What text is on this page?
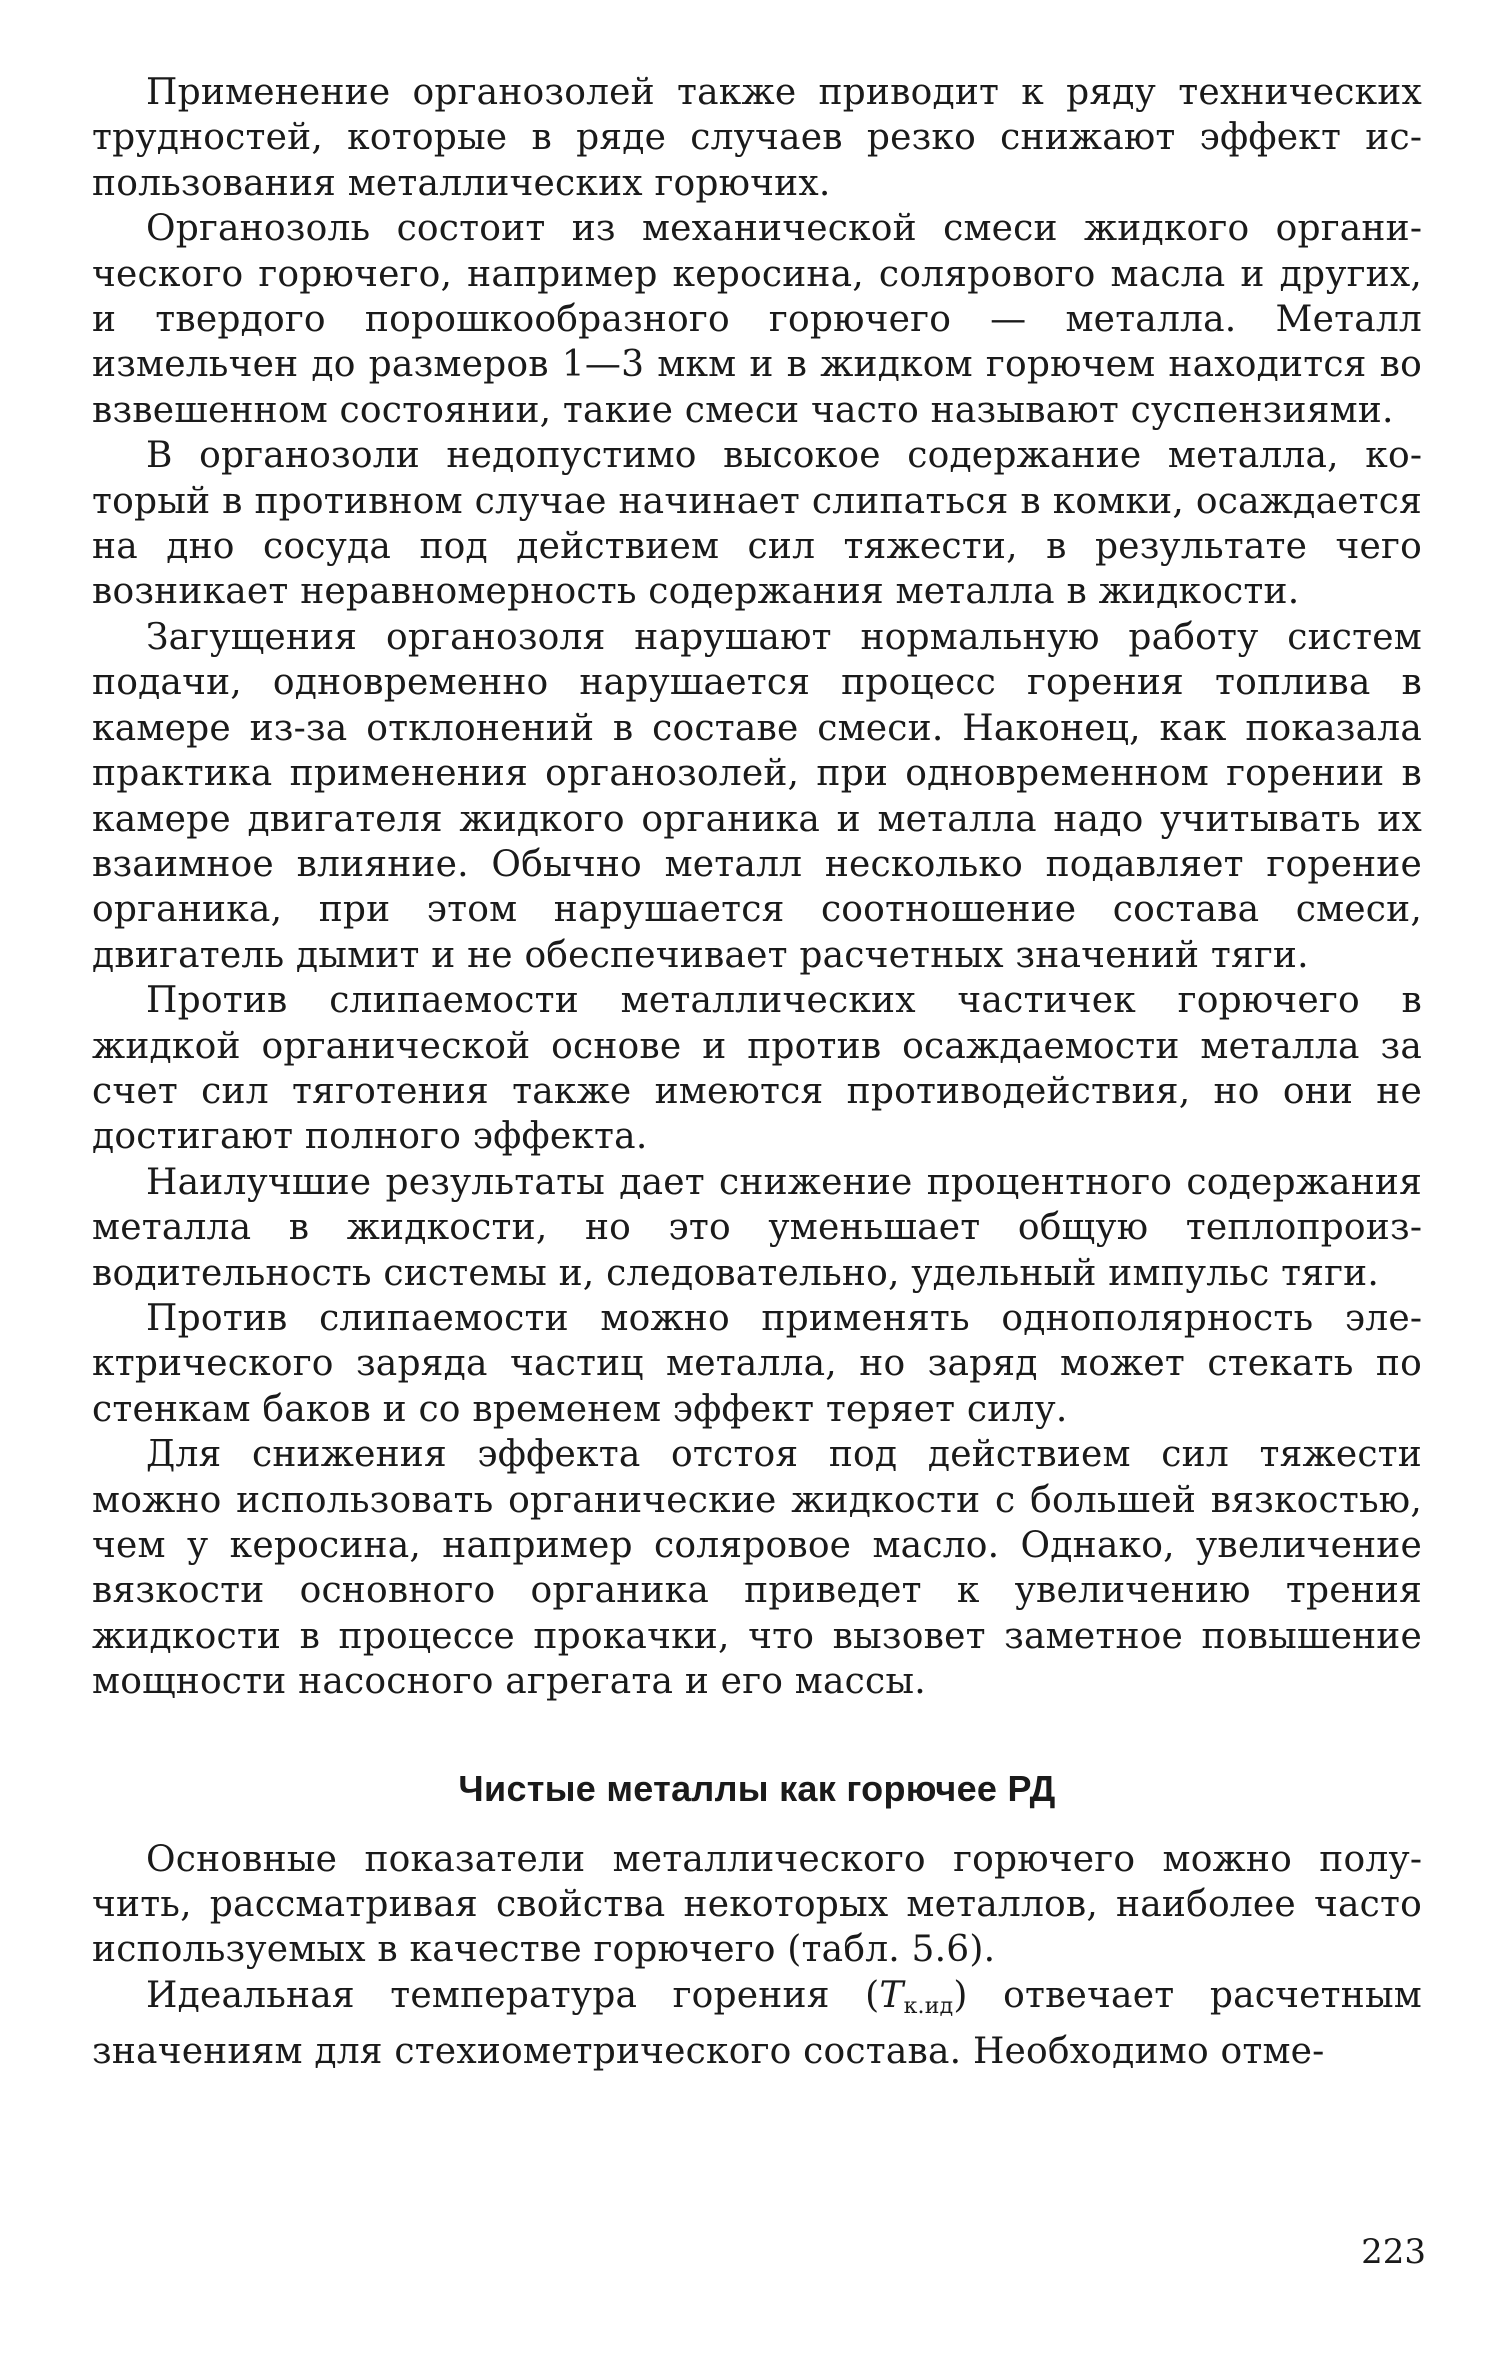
Применение органозолей также приводит к ряду технических трудностей, которые в ряде случаев резко снижают эффект использования металлических горючих.

Органозоль состоит из механической смеси жидкого органического горючего, например керосина, солярового масла и других, и твердого порошкообразного горючего — металла. Металл измельчен до размеров 1—3 мкм и в жидком горючем находится во взвешенном состоянии, такие смеси часто называют суспензиями.

В органозоли недопустимо высокое содержание металла, который в противном случае начинает слипаться в комки, осаждается на дно сосуда под действием сил тяжести, в результате чего возникает неравномерность содержания металла в жидкости.

Загущения органозоля нарушают нормальную работу систем подачи, одновременно нарушается процесс горения топлива в камере из-за отклонений в составе смеси. Наконец, как показала практика применения органозолей, при одновременном горении в камере двигателя жидкого органика и металла надо учитывать их взаимное влияние. Обычно металл несколько подавляет горение органика, при этом нарушается соотношение состава смеси, двигатель дымит и не обеспечивает расчетных значений тяги.

Против слипаемости металлических частичек горючего в жидкой органической основе и против осаждаемости металла за счет сил тяготения также имеются противодействия, но они не достигают полного эффекта.

Наилучшие результаты дает снижение процентного содержания металла в жидкости, но это уменьшает общую теплопроизводительность системы и, следовательно, удельный импульс тяги.

Против слипаемости можно применять однополярность электрического заряда частиц металла, но заряд может стекать по стенкам баков и со временем эффект теряет силу.

Для снижения эффекта отстоя под действием сил тяжести можно использовать органические жидкости с большей вязкостью, чем у керосина, например соляровое масло. Однако, увеличение вязкости основного органика приведет к увеличению трения жидкости в процессе прокачки, что вызовет заметное повышение мощности насосного агрегата и его массы.

Чистые металлы как горючее РД

Основные показатели металлического горючего можно получить, рассматривая свойства некоторых металлов, наиболее часто используемых в качестве горючего (табл. 5.6).

Идеальная температура горения $(T_{к.ид})$ отвечает расчетным значениям для стехиометрического состава. Необходимо отме-

223
